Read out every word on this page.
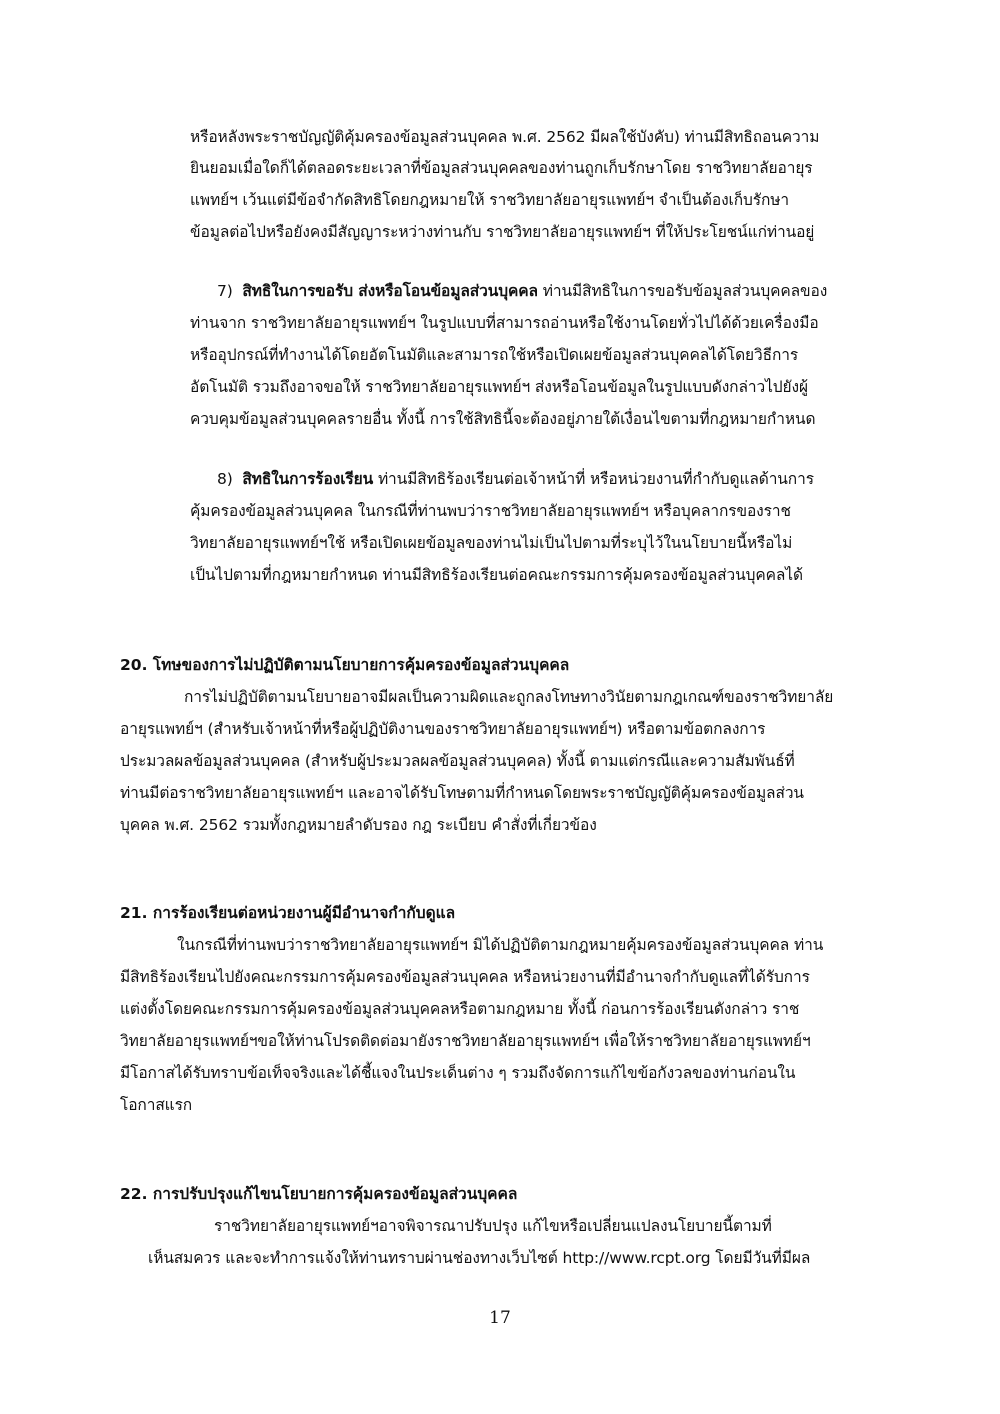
หรือหลังพระราชบัญญัติคุ้มครองข้อมูลส่วนบุคคล พ.ศ. 2562 มีผลใช้บังคับ) ท่านมีสิทธิถอนความ
ยินยอมเมื่อใดก็ได้ตลอดระยะเวลาที่ข้อมูลส่วนบุคคลของท่านถูกเก็บรักษาโดย ราชวิทยาลัยอายุร
แพทย์ฯ เว้นแต่มีข้อจำกัดสิทธิโดยกฎหมายให้ ราชวิทยาลัยอายุรแพทย์ฯ จำเป็นต้องเก็บรักษา
ข้อมูลต่อไปหรือยังคงมีสัญญาระหว่างท่านกับ ราชวิทยาลัยอายุรแพทย์ฯ ที่ให้ประโยชน์แก่ท่านอยู่
7) สิทธิในการขอรับ ส่งหรือโอนข้อมูลส่วนบุคคล ท่านมีสิทธิในการขอรับข้อมูลส่วนบุคคลของ
ท่านจาก ราชวิทยาลัยอายุรแพทย์ฯ ในรูปแบบที่สามารถอ่านหรือใช้งานโดยทั่วไปได้ด้วยเครื่องมือ
หรืออุปกรณ์ที่ทำงานได้โดยอัตโนมัติและสามารถใช้หรือเปิดเผยข้อมูลส่วนบุคคลได้โดยวิธีการ
อัตโนมัติ รวมถึงอาจขอให้ ราชวิทยาลัยอายุรแพทย์ฯ ส่งหรือโอนข้อมูลในรูปแบบดังกล่าวไปยังผู้
ควบคุมข้อมูลส่วนบุคคลรายอื่น ทั้งนี้ การใช้สิทธินี้จะต้องอยู่ภายใต้เงื่อนไขตามที่กฎหมายกำหนด
8) สิทธิในการร้องเรียน ท่านมีสิทธิร้องเรียนต่อเจ้าหน้าที่ หรือหน่วยงานที่กำกับดูแลด้านการ
คุ้มครองข้อมูลส่วนบุคคล ในกรณีที่ท่านพบว่าราชวิทยาลัยอายุรแพทย์ฯ หรือบุคลากรของราช
วิทยาลัยอายุรแพทย์ฯใช้ หรือเปิดเผยข้อมูลของท่านไม่เป็นไปตามที่ระบุไว้ในนโยบายนี้หรือไม่
เป็นไปตามที่กฎหมายกำหนด ท่านมีสิทธิร้องเรียนต่อคณะกรรมการคุ้มครองข้อมูลส่วนบุคคลได้
20. โทษของการไม่ปฏิบัติตามนโยบายการคุ้มครองข้อมูลส่วนบุคคล
การไม่ปฏิบัติตามนโยบายอาจมีผลเป็นความผิดและถูกลงโทษทางวินัยตามกฎเกณฑ์ของราชวิทยาลัย
อายุรแพทย์ฯ (สำหรับเจ้าหน้าที่หรือผู้ปฏิบัติงานของราชวิทยาลัยอายุรแพทย์ฯ) หรือตามข้อตกลงการ
ประมวลผลข้อมูลส่วนบุคคล (สำหรับผู้ประมวลผลข้อมูลส่วนบุคคล) ทั้งนี้ ตามแต่กรณีและความสัมพันธ์ที่
ท่านมีต่อราชวิทยาลัยอายุรแพทย์ฯ และอาจได้รับโทษตามที่กำหนดโดยพระราชบัญญัติคุ้มครองข้อมูลส่วน
บุคคล พ.ศ. 2562 รวมทั้งกฎหมายลำดับรอง กฎ ระเบียบ คำสั่งที่เกี่ยวข้อง
21. การร้องเรียนต่อหน่วยงานผู้มีอำนาจกำกับดูแล
ในกรณีที่ท่านพบว่าราชวิทยาลัยอายุรแพทย์ฯ มิได้ปฏิบัติตามกฎหมายคุ้มครองข้อมูลส่วนบุคคล ท่าน
มีสิทธิร้องเรียนไปยังคณะกรรมการคุ้มครองข้อมูลส่วนบุคคล หรือหน่วยงานที่มีอำนาจกำกับดูแลที่ได้รับการ
แต่งตั้งโดยคณะกรรมการคุ้มครองข้อมูลส่วนบุคคลหรือตามกฎหมาย ทั้งนี้ ก่อนการร้องเรียนดังกล่าว ราช
วิทยาลัยอายุรแพทย์ฯขอให้ท่านโปรดติดต่อมายังราชวิทยาลัยอายุรแพทย์ฯ เพื่อให้ราชวิทยาลัยอายุรแพทย์ฯ
มีโอกาสได้รับทราบข้อเท็จจริงและได้ชี้แจงในประเด็นต่าง ๆ รวมถึงจัดการแก้ไขข้อกังวลของท่านก่อนใน
โอกาสแรก
22. การปรับปรุงแก้ไขนโยบายการคุ้มครองข้อมูลส่วนบุคคล
ราชวิทยาลัยอายุรแพทย์ฯอาจพิจารณาปรับปรุง แก้ไขหรือเปลี่ยนแปลงนโยบายนี้ตามที่
เห็นสมควร และจะทำการแจ้งให้ท่านทราบผ่านช่องทางเว็บไซต์ http://www.rcpt.org โดยมีวันที่มีผล
17
